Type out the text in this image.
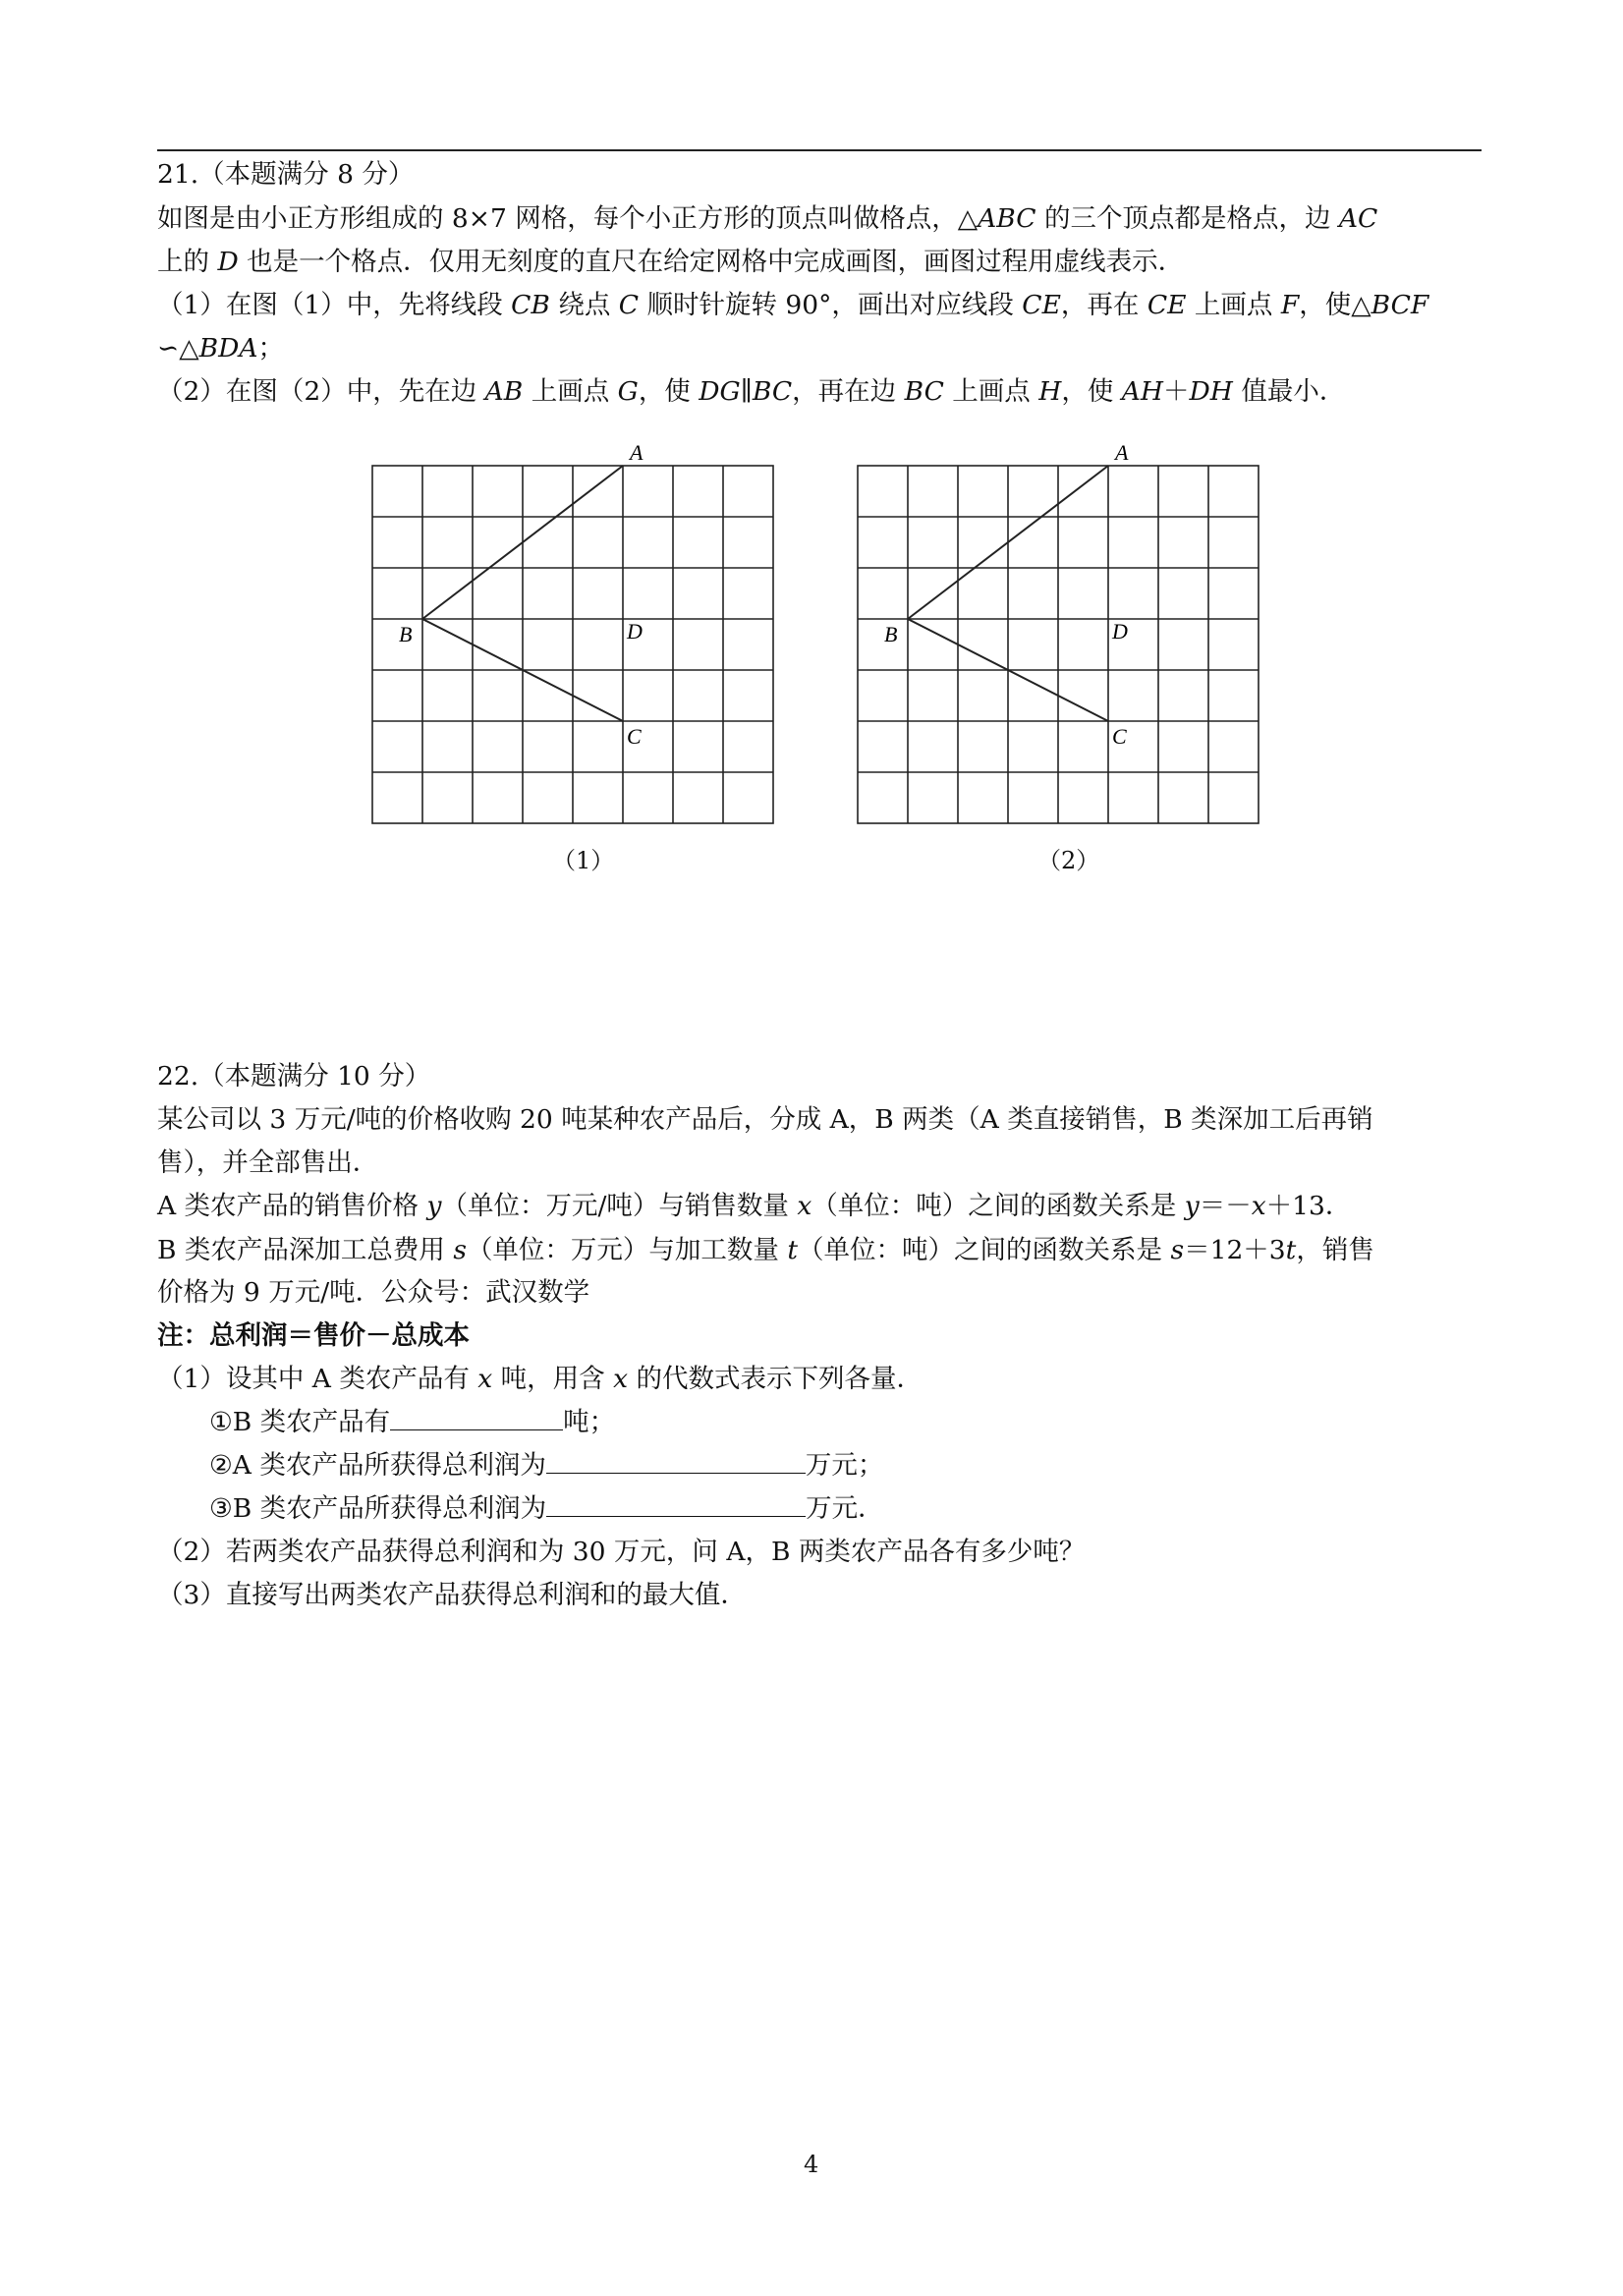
21.（本题满分 8 分）
如图是由小正方形组成的 8×7 网格，每个小正方形的顶点叫做格点，△ABC 的三个顶点都是格点，边 AC
上的 D 也是一个格点．仅用无刻度的直尺在给定网格中完成画图，画图过程用虚线表示．
（1）在图（1）中，先将线段 CB 绕点 C 顺时针旋转 90°，画出对应线段 CE，再在 CE 上画点 F，使△BCF
∽△BDA；
（2）在图（2）中，先在边 AB 上画点 G，使 DG∥BC，再在边 BC 上画点 H，使 AH＋DH 值最小．
A
B	D
C
（1）
A
B	D
C
（2）
22.（本题满分 10 分）
某公司以 3 万元/吨的价格收购 20 吨某种农产品后，分成 A，B 两类（A 类直接销售，B 类深加工后再销
售），并全部售出．
A 类农产品的销售价格 y（单位：万元/吨）与销售数量 x（单位：吨）之间的函数关系是 y＝－x＋13．
B 类农产品深加工总费用 s（单位：万元）与加工数量 t（单位：吨）之间的函数关系是 s＝12＋3t，销售
价格为 9 万元/吨．公众号：武汉数学
注：总利润＝售价－总成本
（1）设其中 A 类农产品有 x 吨，用含 x 的代数式表示下列各量．
①B 类农产品有	吨；
②A 类农产品所获得总利润为	万元；
③B 类农产品所获得总利润为	万元．
（2）若两类农产品获得总利润和为 30 万元，问 A，B 两类农产品各有多少吨？
（3）直接写出两类农产品获得总利润和的最大值．
4
